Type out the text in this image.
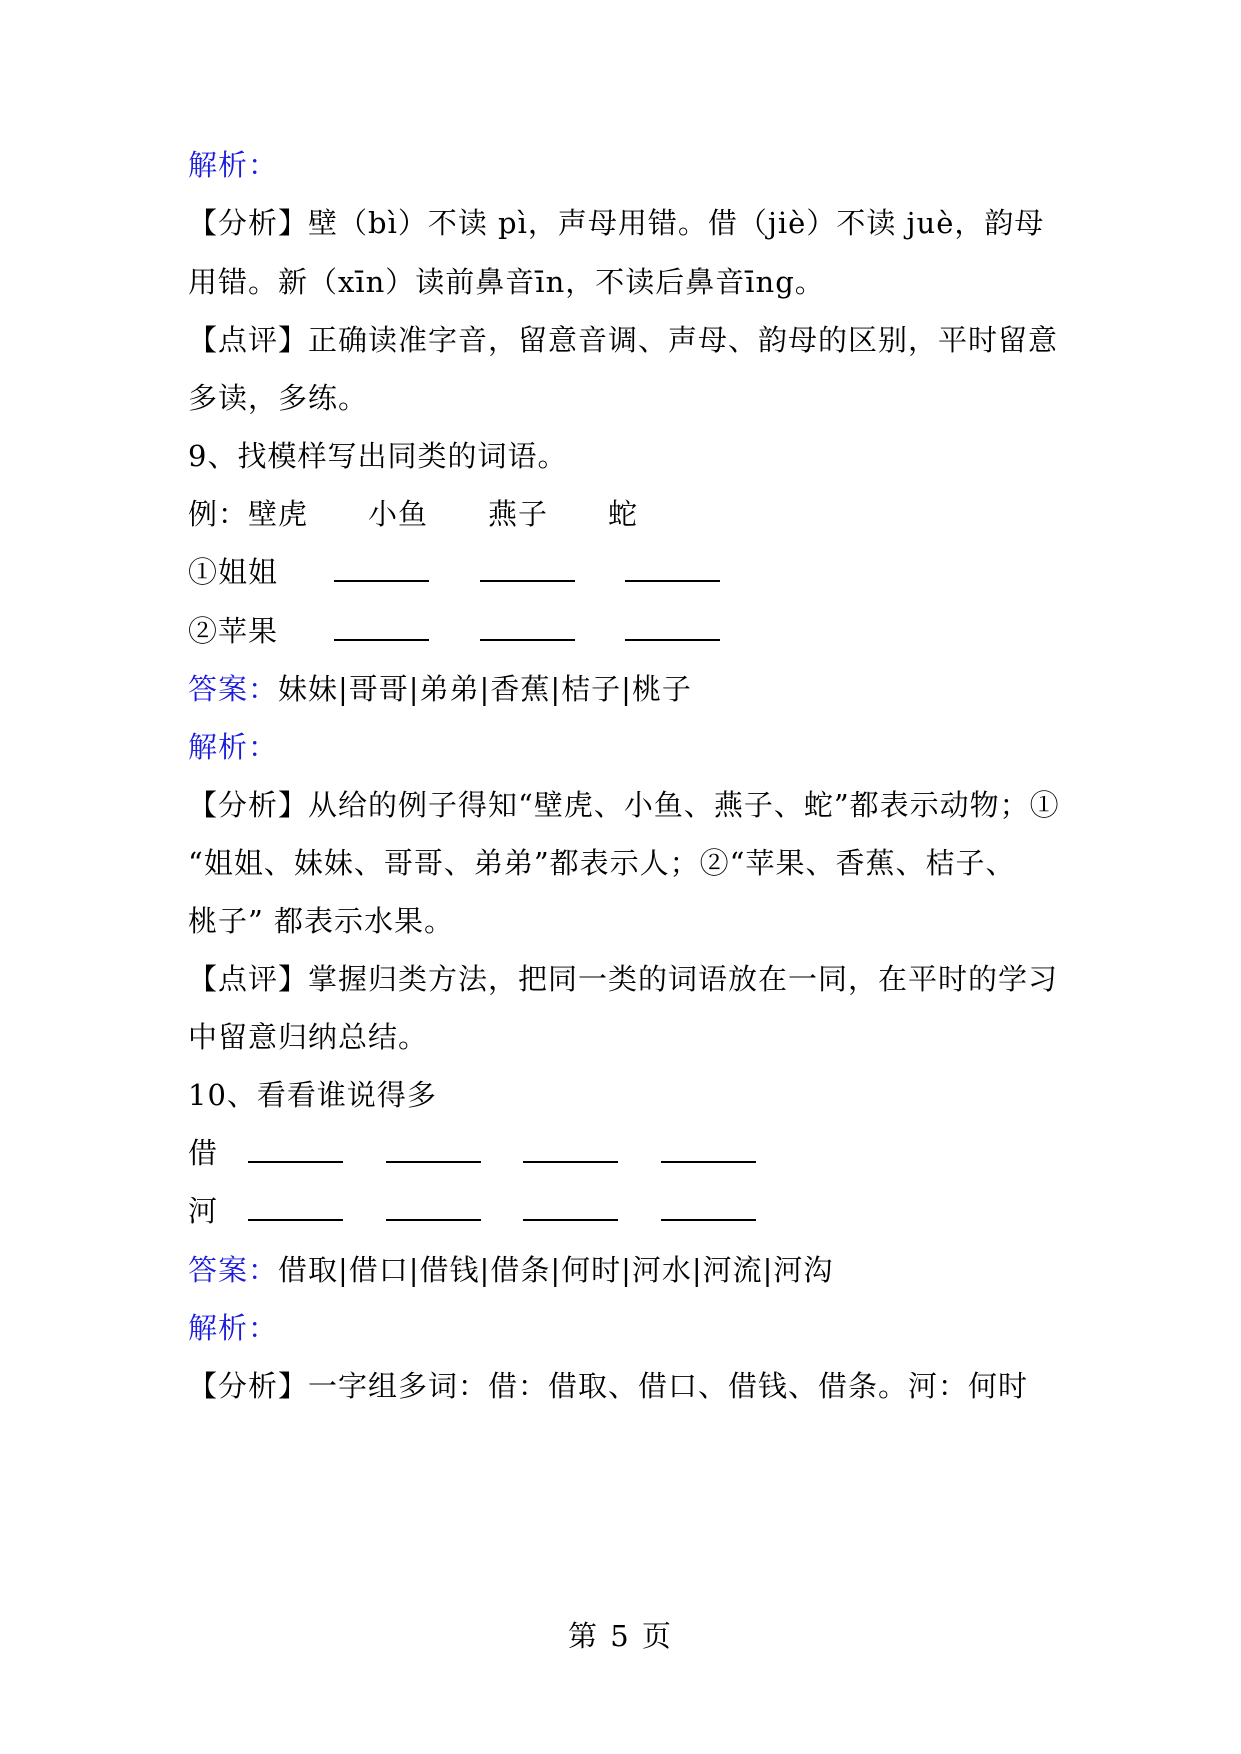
解析：
【分析】壁（bì）不读 pì，声母用错。借（jiè）不读 juè，韵母
用错。新（xīn）读前鼻音īn，不读后鼻音īng。
【点评】正确读准字音，留意音调、声母、韵母的区别，平时留意
多读，多练。
9、找模样写出同类的词语。
例：壁虎　　小鱼　　燕子　　蛇
①姐姐
②苹果
答案：妹妹|哥哥|弟弟|香蕉|桔子|桃子
解析：
【分析】从给的例子得知“壁虎、小鱼、燕子、蛇”都表示动物；①
“姐姐、妹妹、哥哥、弟弟”都表示人；②“苹果、香蕉、桔子、
桃子” 都表示水果。
【点评】掌握归类方法，把同一类的词语放在一同，在平时的学习
中留意归纳总结。
10、看看谁说得多
借
河
答案：借取|借口|借钱|借条|何时|河水|河流|河沟
解析：
【分析】一字组多词：借：借取、借口、借钱、借条。河：何时
第 5 页
